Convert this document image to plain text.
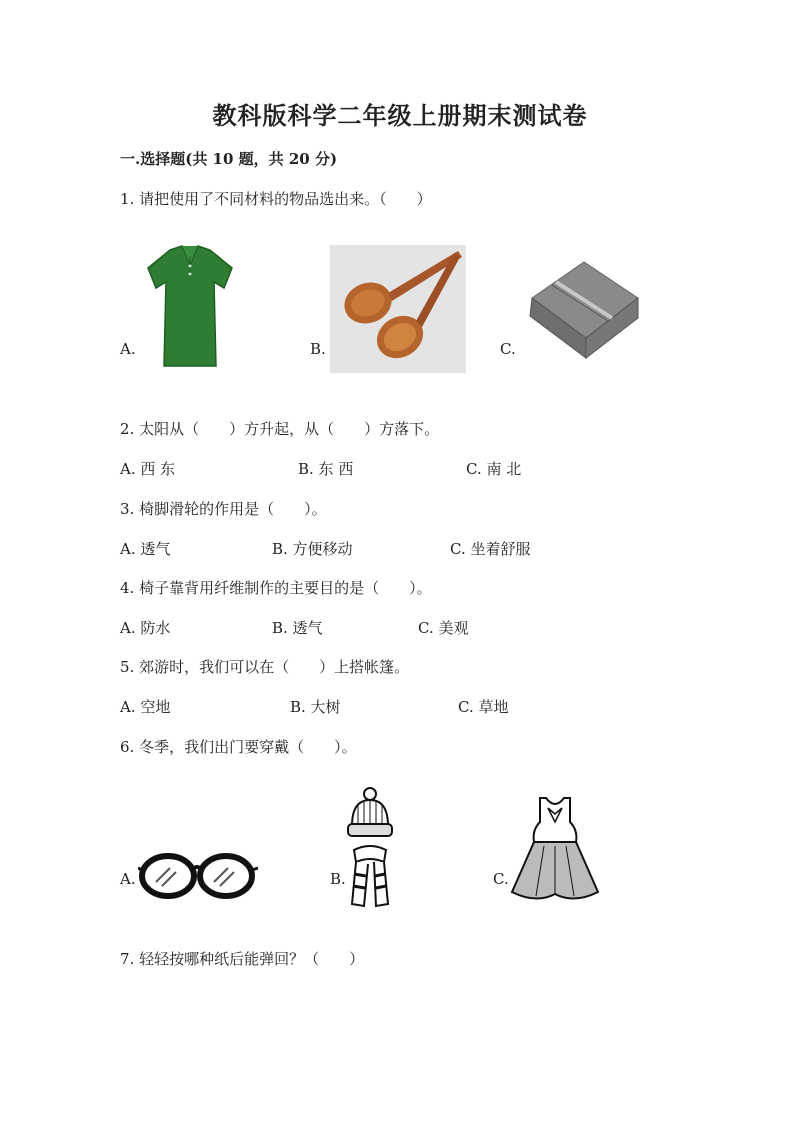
教科版科学二年级上册期末测试卷
一.选择题(共 10 题，共 20 分)
1. 请把使用了不同材料的物品选出来。（　　）
A.	B.	C.
2. 太阳从（　　）方升起，从（　　）方落下。
A. 西 东	B. 东 西	C. 南 北
3. 椅脚滑轮的作用是（　　）。
A. 透气	B. 方便移动	C. 坐着舒服
4. 椅子靠背用纤维制作的主要目的是（　　）。
A. 防水	B. 透气	C. 美观
5. 郊游时，我们可以在（　　）上搭帐篷。
A. 空地	B. 大树	C. 草地
6. 冬季，我们出门要穿戴（　　）。
A.	B.	C.
7. 轻轻按哪种纸后能弹回？（　　）
